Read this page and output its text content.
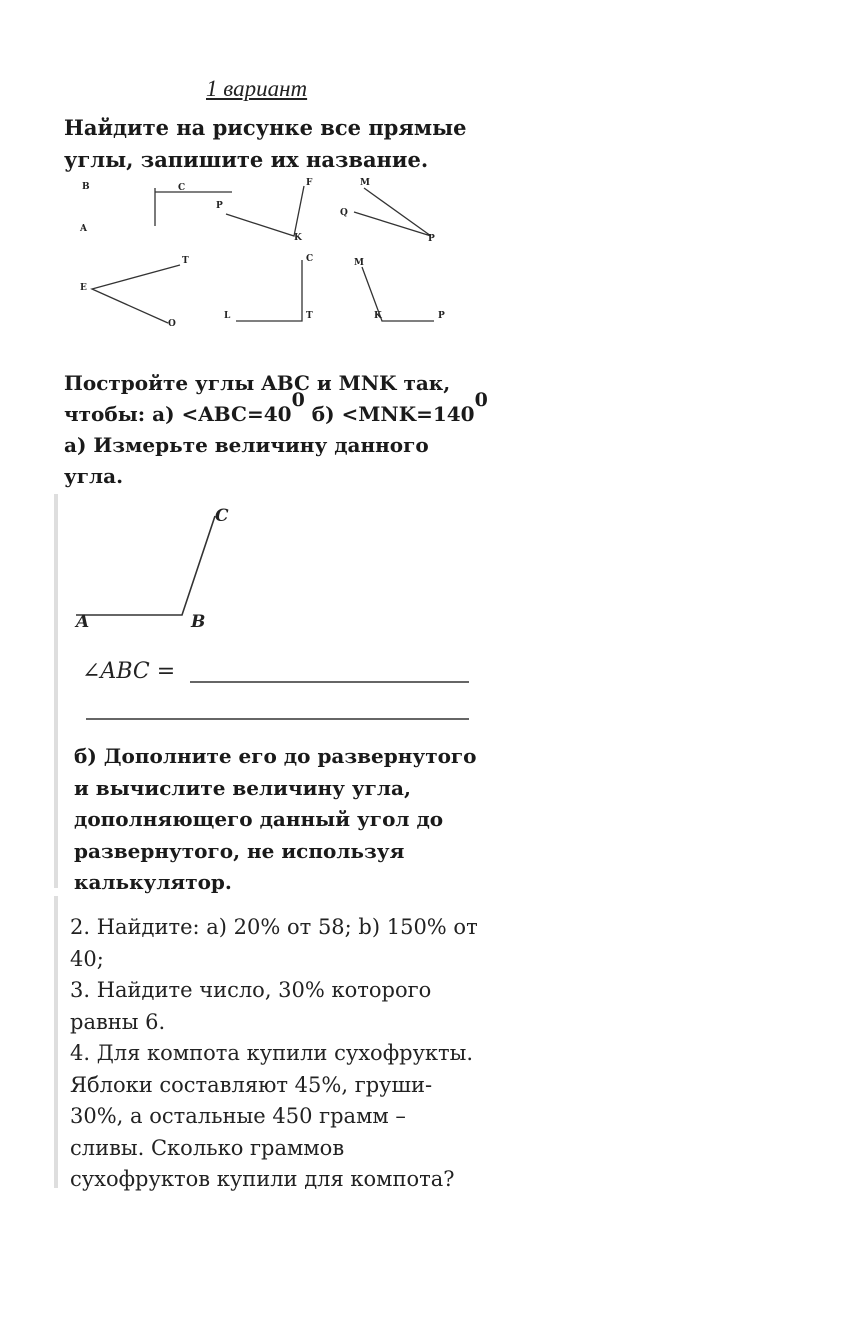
1 вариант
Найдите на рисунке все прямые углы, запишите их название.
B	C
A
F
P
K
M
Q
P
T
E
O
C
L	T
M
K	P
Постройте углы ABC и MNK так,
чтобы: $а) <ABC=40^0$ $б) <MNK=140^0$
а) Измерьте величину данного
угла.
A	B
C
∠ABC =
б) Дополните его до развернутого и вычислите величину угла, дополняющего данный угол до развернутого, не используя калькулятор.

2. Найдите: а) 20% от 58; b) 150% от 40;

3. Найдите число, 30% которого равны 6.

4. Для компота купили сухофрукты. Яблоки составляют 45%, груши- 30%, а остальные 450 грамм –сливы. Сколько граммов сухофруктов купили для компота?
